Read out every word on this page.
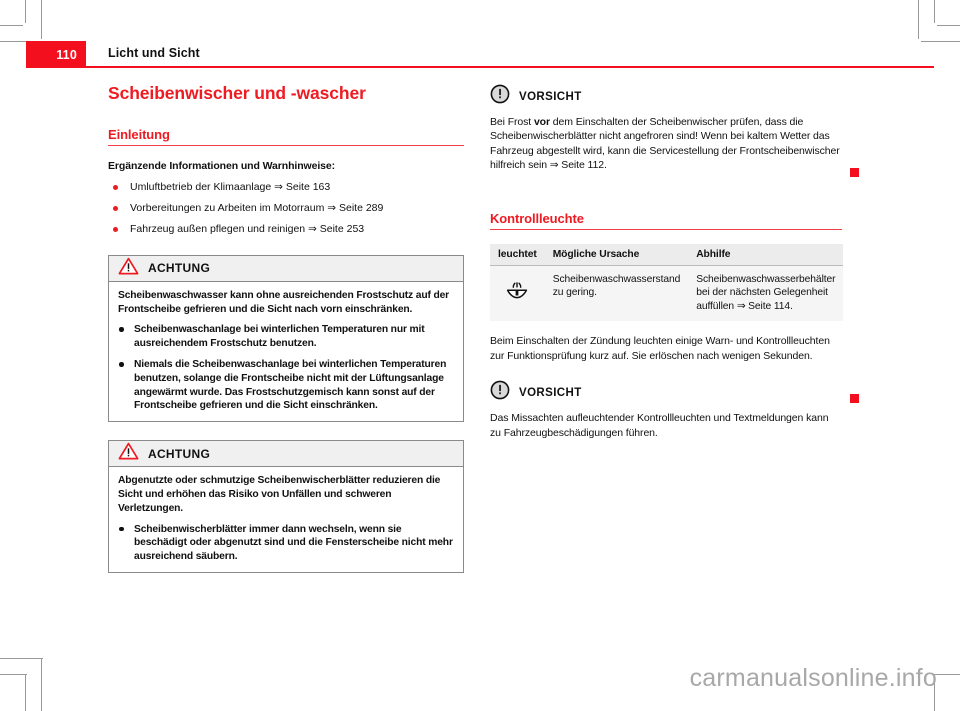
110	Licht und Sicht
Scheibenwischer und -wascher
Einleitung

Ergänzende Informationen und Warnhinweise:

Umluftbetrieb der Klimaanlage ⇒ Seite 163
Vorbereitungen zu Arbeiten im Motorraum ⇒ Seite 289
Fahrzeug außen pflegen und reinigen ⇒ Seite 253
ACHTUNG

Scheibenwaschwasser kann ohne ausreichenden Frostschutz auf der Frontscheibe gefrieren und die Sicht nach vorn einschränken.

Scheibenwaschanlage bei winterlichen Temperaturen nur mit ausreichendem Frostschutz benutzen.

Niemals die Scheibenwaschanlage bei winterlichen Temperaturen benutzen, solange die Frontscheibe nicht mit der Lüftungsanlage angewärmt wurde. Das Frostschutzgemisch kann sonst auf der Frontscheibe gefrieren und die Sicht einschränken.

ACHTUNG

Abgenutzte oder schmutzige Scheibenwischerblätter reduzieren die Sicht und erhöhen das Risiko von Unfällen und schweren Verletzungen.

Scheibenwischerblätter immer dann wechseln, wenn sie beschädigt oder abgenutzt sind und die Fensterscheibe nicht mehr ausreichend säubern.

VORSICHT

Bei Frost vor dem Einschalten der Scheibenwischer prüfen, dass die Scheibenwischerblätter nicht angefroren sind! Wenn bei kaltem Wetter das Fahrzeug abgestellt wird, kann die Servicestellung der Frontscheibenwischer hilfreich sein ⇒ Seite 112.

Kontrollleuchte
leuchtet	Mögliche Ursache	Abhilfe
	Scheibenwaschwasserstand zu gering.	Scheibenwaschwasserbehälter bei der nächsten Gelegenheit auffüllen ⇒ Seite 114.

Beim Einschalten der Zündung leuchten einige Warn- und Kontrollleuchten zur Funktionsprüfung kurz auf. Sie erlöschen nach wenigen Sekunden.

VORSICHT

Das Missachten aufleuchtender Kontrollleuchten und Textmeldungen kann zu Fahrzeugbeschädigungen führen.

carmanualsonline.info
